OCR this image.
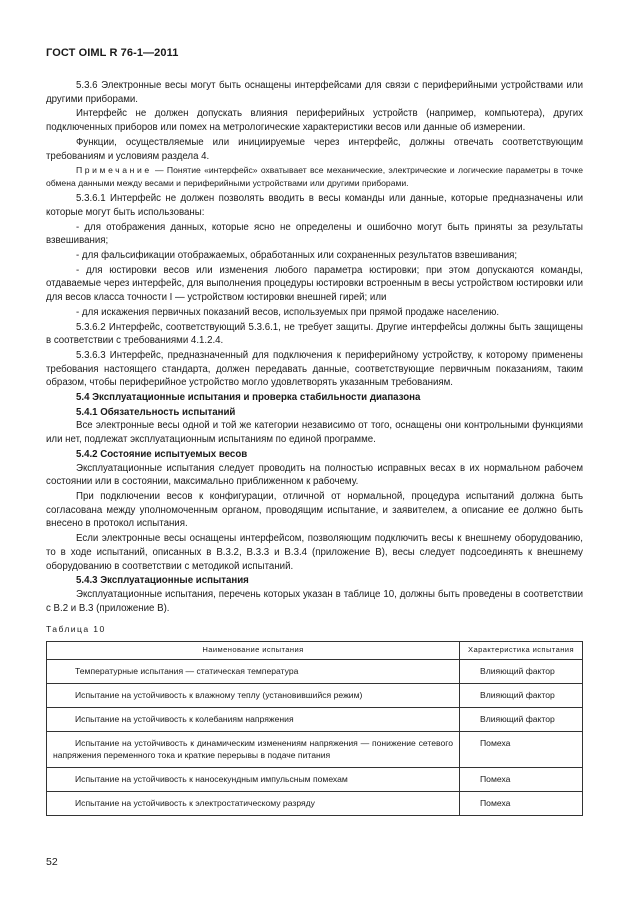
ГОСТ OIML R 76-1—2011

5.3.6 Электронные весы могут быть оснащены интерфейсами для связи с периферийными устройствами или другими приборами.

Интерфейс не должен допускать влияния периферийных устройств (например, компьютера), других подключенных приборов или помех на метрологические характеристики весов или данные об измерении.

Функции, осуществляемые или инициируемые через интерфейс, должны отвечать соответствующим требованиям и условиям раздела 4.

Примечание — Понятие «интерфейс» охватывает все механические, электрические и логические параметры в точке обмена данными между весами и периферийными устройствами или другими приборами.

5.3.6.1 Интерфейс не должен позволять вводить в весы команды или данные, которые предназначены или которые могут быть использованы:

- для отображения данных, которые ясно не определены и ошибочно могут быть приняты за результаты взвешивания;

- для фальсификации отображаемых, обработанных или сохраненных результатов взвешивания;

- для юстировки весов или изменения любого параметра юстировки; при этом допускаются команды, отдаваемые через интерфейс, для выполнения процедуры юстировки встроенным в весы устройством юстировки или для весов класса точности I — устройством юстировки внешней гирей; или

- для искажения первичных показаний весов, используемых при прямой продаже населению.

5.3.6.2 Интерфейс, соответствующий 5.3.6.1, не требует защиты. Другие интерфейсы должны быть защищены в соответствии с требованиями 4.1.2.4.

5.3.6.3 Интерфейс, предназначенный для подключения к периферийному устройству, к которому применены требования настоящего стандарта, должен передавать данные, соответствующие первичным показаниям, таким образом, чтобы периферийное устройство могло удовлетворять указанным требованиям.

5.4 Эксплуатационные испытания и проверка стабильности диапазона

5.4.1 Обязательность испытаний

Все электронные весы одной и той же категории независимо от того, оснащены они контрольными функциями или нет, подлежат эксплуатационным испытаниям по единой программе.

5.4.2 Состояние испытуемых весов

Эксплуатационные испытания следует проводить на полностью исправных весах в их нормальном рабочем состоянии или в состоянии, максимально приближенном к рабочему.

При подключении весов к конфигурации, отличной от нормальной, процедура испытаний должна быть согласована между уполномоченным органом, проводящим испытание, и заявителем, а описание ее должно быть внесено в протокол испытания.

Если электронные весы оснащены интерфейсом, позволяющим подключить весы к внешнему оборудованию, то в ходе испытаний, описанных в В.3.2, В.3.3 и В.3.4 (приложение В), весы следует подсоединять к внешнему оборудованию в соответствии с методикой испытаний.

5.4.3 Эксплуатационные испытания

Эксплуатационные испытания, перечень которых указан в таблице 10, должны быть проведены в соответствии с В.2 и В.3 (приложение В).

Таблица 10

Наименование испытания	Характеристика испытания
Температурные испытания — статическая температура	Влияющий фактор
Испытание на устойчивость к влажному теплу (установившийся режим)	Влияющий фактор
Испытание на устойчивость к колебаниям напряжения	Влияющий фактор
Испытание на устойчивость к динамическим изменениям напряжения — понижение сетевого напряжения переменного тока и краткие перерывы в подаче питания	Помеха
Испытание на устойчивость к наносекундным импульсным помехам	Помеха
Испытание на устойчивость к электростатическому разряду	Помеха
52
